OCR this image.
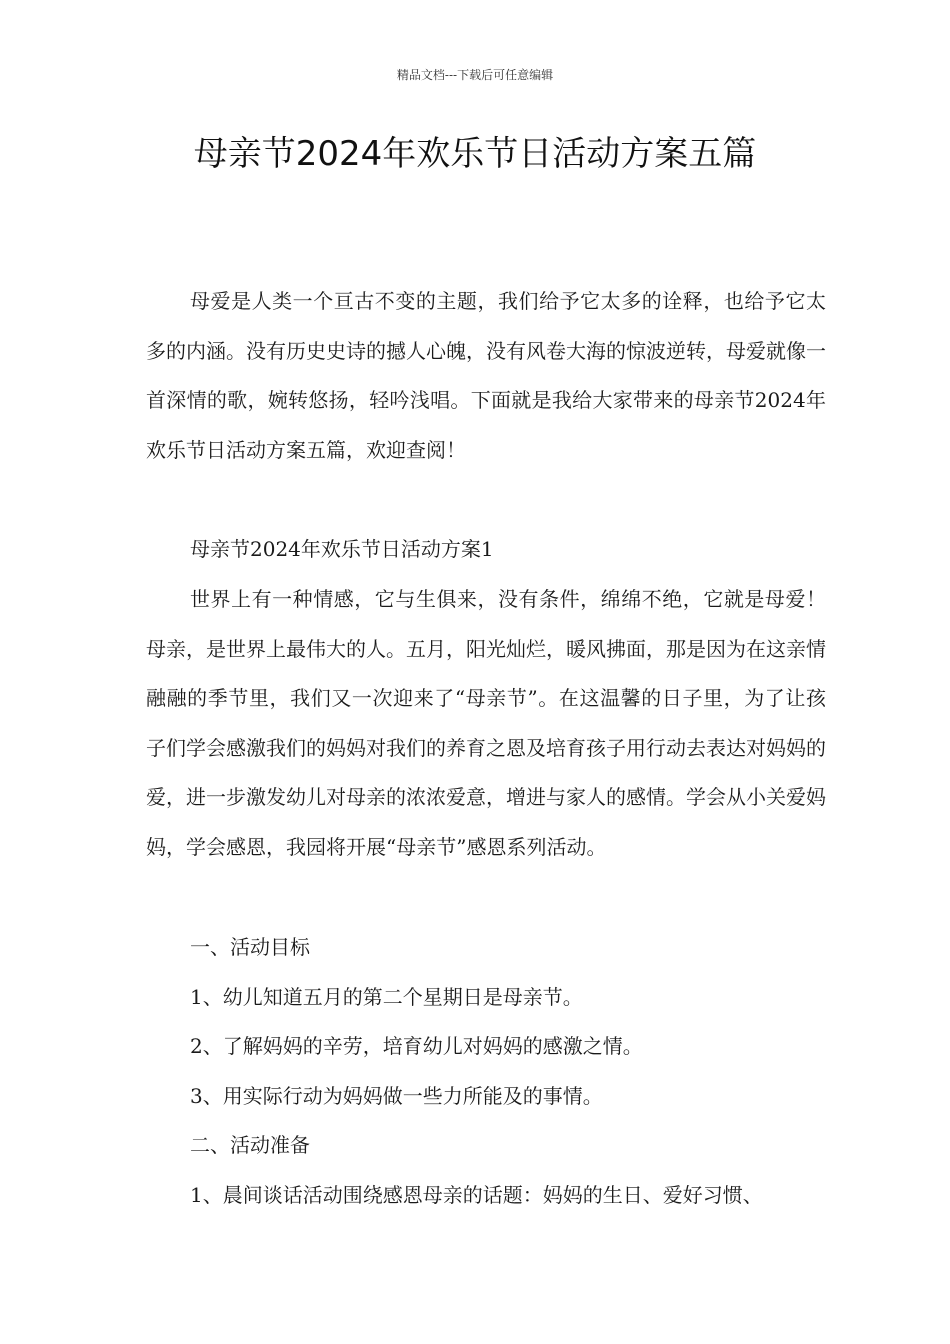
精品文档---下载后可任意编辑
母亲节2024年欢乐节日活动方案五篇

母爱是人类一个亘古不变的主题，我们给予它太多的诠释，也给予它太多的内涵。没有历史史诗的撼人心魄，没有风卷大海的惊波逆转，母爱就像一首深情的歌，婉转悠扬，轻吟浅唱。下面就是我给大家带来的母亲节2024年欢乐节日活动方案五篇，欢迎查阅！

母亲节2024年欢乐节日活动方案1

世界上有一种情感，它与生俱来，没有条件，绵绵不绝，它就是母爱！母亲，是世界上最伟大的人。五月，阳光灿烂，暖风拂面，那是因为在这亲情融融的季节里，我们又一次迎来了“母亲节”。在这温馨的日子里，为了让孩子们学会感激我们的妈妈对我们的养育之恩及培育孩子用行动去表达对妈妈的爱，进一步激发幼儿对母亲的浓浓爱意，增进与家人的感情。学会从小关爱妈妈，学会感恩，我园将开展“母亲节”感恩系列活动。

一、活动目标
1、幼儿知道五月的第二个星期日是母亲节。
2、了解妈妈的辛劳，培育幼儿对妈妈的感激之情。
3、用实际行动为妈妈做一些力所能及的事情。
二、活动准备
1、晨间谈话活动围绕感恩母亲的话题：妈妈的生日、爱好习惯、
